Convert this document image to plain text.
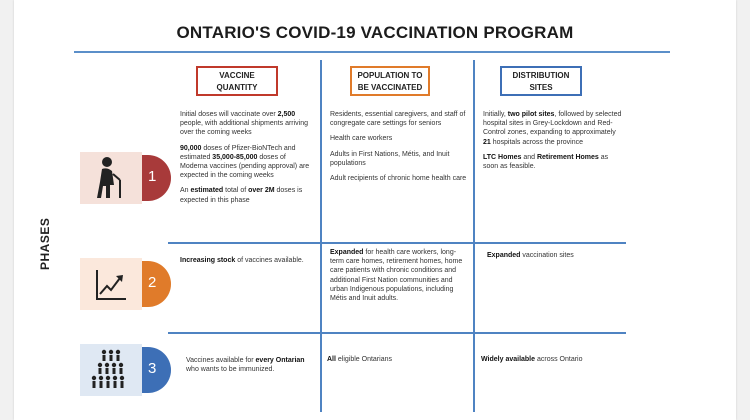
ONTARIO'S COVID-19 VACCINATION PROGRAM
VACCINE
QUANTITY
POPULATION TO
BE VACCINATED
DISTRIBUTION
SITES
PHASES
1
2
3

Initial doses will vaccinate over 2,500 people, with additional shipments arriving over the coming weeks

90,000 doses of Pfizer-BioNTech and estimated 35,000-85,000 doses of Moderna vaccines (pending approval) are expected in the coming weeks

An estimated total of over 2M doses is expected in this phase

Residents, essential caregivers, and staff of congregate care settings for seniors

Health care workers

Adults in First Nations, Métis, and Inuit populations

Adult recipients of chronic home health care

Initially, two pilot sites, followed by selected hospital sites in Grey-Lockdown and Red-Control zones, expanding to approximately 21 hospitals across the province

LTC Homes and Retirement Homes as soon as feasible.

Increasing stock of vaccines available.

Expanded for health care workers, long-term care homes, retirement homes, home care patients with chronic conditions and additional First Nation communities and urban Indigenous populations, including Métis and Inuit adults.

Expanded vaccination sites

Vaccines available for every Ontarian who wants to be immunized.

All eligible Ontarians	Widely available across Ontario
